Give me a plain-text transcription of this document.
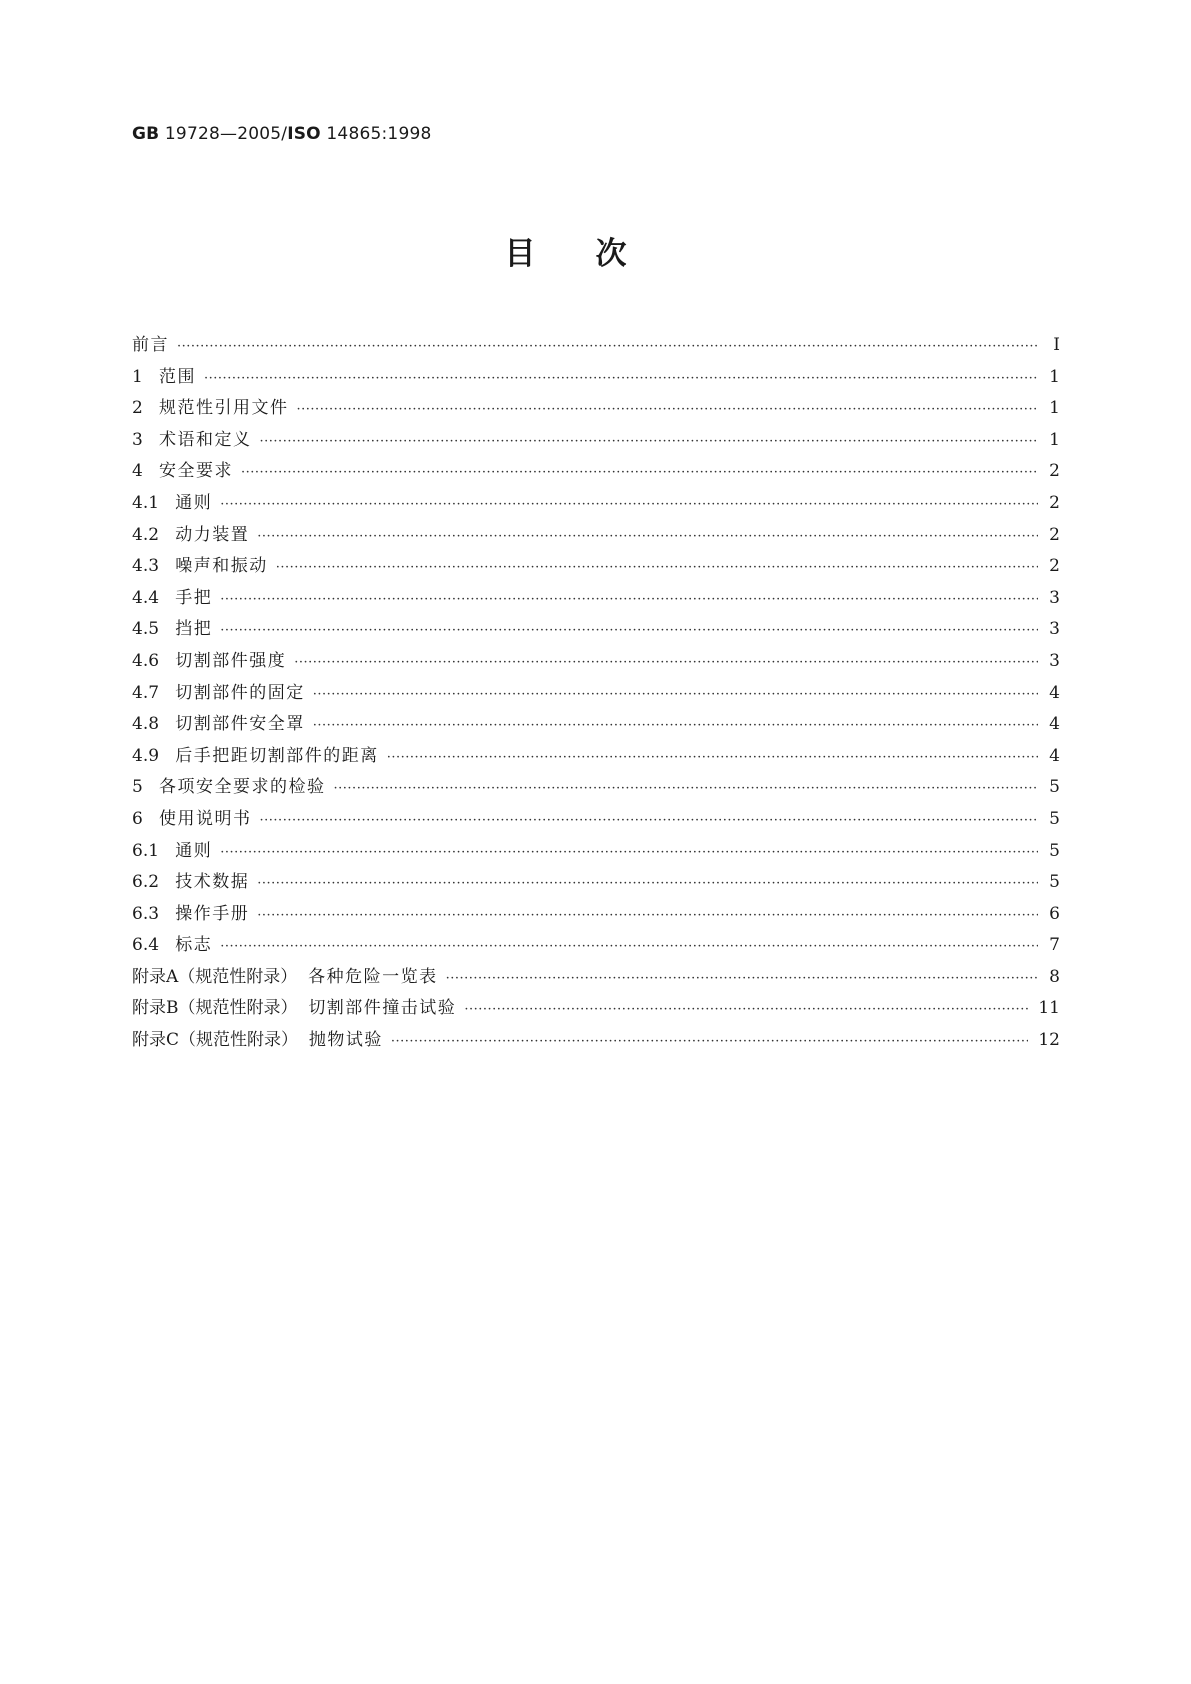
GB 19728—2005/ISO 14865:1998
目次
前言 ·····	Ⅰ
1 范围 ·····	1
2 规范性引用文件 ·····	1
3 术语和定义 ·····	1
4 安全要求 ·····	2
4.1 通则 ·····	2
4.2 动力装置 ·····	2
4.3 噪声和振动 ·····	2
4.4 手把 ·····	3
4.5 挡把 ·····	3
4.6 切割部件强度 ·····	3
4.7 切割部件的固定 ·····	4
4.8 切割部件安全罩 ·····	4
4.9 后手把距切割部件的距离 ·····	4
5 各项安全要求的检验 ·····	5
6 使用说明书 ·····	5
6.1 通则 ·····	5
6.2 技术数据 ·····	5
6.3 操作手册 ·····	6
6.4 标志 ·····	7
附录A（规范性附录） 各种危险一览表 ·····	8
附录B（规范性附录） 切割部件撞击试验 ·····	11
附录C（规范性附录） 抛物试验 ·····	12
